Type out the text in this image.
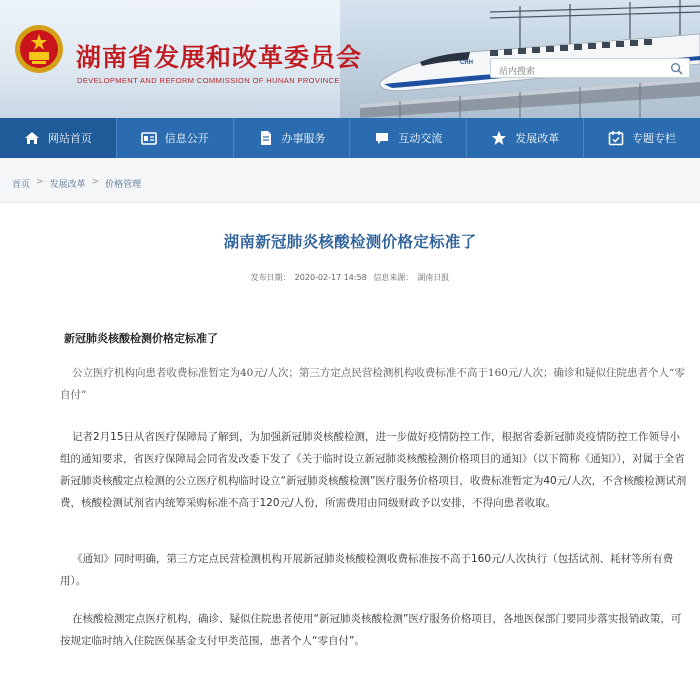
CRH
湖南省发展和改革委员会
DEVELOPMENT AND REFORM COMMISSION OF HUNAN PROVINCE
站内搜索
网站首页	信息公开	办事服务	互动交流	发展改革	专题专栏
首页 > 发展改革 > 价格管理
湖南新冠肺炎核酸检测价格定标准了
发布日期： 2020-02-17 14:58 信息来源： 湖南日报
新冠肺炎核酸检测价格定标准了
公立医疗机构向患者收费标准暂定为40元/人次；第三方定点民营检测机构收费标准不高于160元/人次；确诊和疑似住院患者个人“零自付”
记者2月15日从省医疗保障局了解到，为加强新冠肺炎核酸检测，进一步做好疫情防控工作，根据省委新冠肺炎疫情防控工作领导小组的通知要求，省医疗保障局会同省发改委下发了《关于临时设立新冠肺炎核酸检测价格项目的通知》（以下简称《通知》），对属于全省新冠肺炎核酸定点检测的公立医疗机构临时设立“新冠肺炎核酸检测”医疗服务价格项目，收费标准暂定为40元/人次，不含核酸检测试剂费，核酸检测试剂省内统筹采购标准不高于120元/人份，所需费用由同级财政予以安排，不得向患者收取。
《通知》同时明确，第三方定点民营检测机构开展新冠肺炎核酸检测收费标准按不高于160元/人次执行（包括试剂、耗材等所有费用）。
在核酸检测定点医疗机构，确诊、疑似住院患者使用“新冠肺炎核酸检测”医疗服务价格项目，各地医保部门要同步落实报销政策，可按规定临时纳入住院医保基金支付甲类范围，患者个人“零自付”。
